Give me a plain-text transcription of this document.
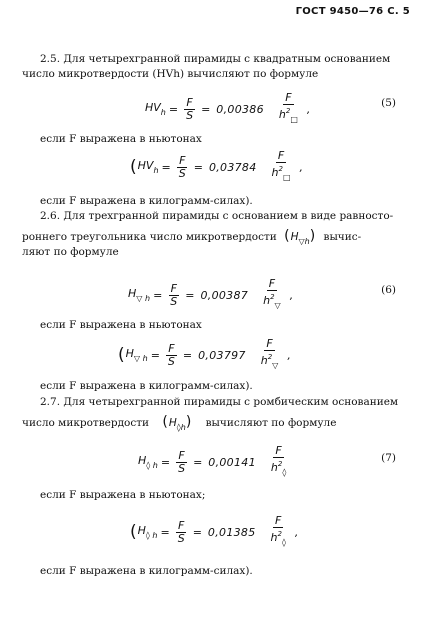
ГОСТ 9450—76 С. 5
2.5. Для четырехгранной пирамиды с квадратным основанием
число микротвердости (HVh) вычисляют по формуле
$HV_h = \frac{F}{S} = 0,00386 \frac{F}{h^2_□}$ ,	(5)
если F выражена в ньютонах
( $HV_h = \frac{F}{S} = 0,03784 \frac{F}{h^2_□}$ ,
если F выражена в килограмм-силах).
2.6. Для трехгранной пирамиды с основанием в виде равносто-
роннего треугольника число микротвердости $(H_{▽h})$ вычис-
ляют по формуле
$H_{▽ h} = \frac{F}{S} = 0,00387 \frac{F}{h^2_▽}$ ,	(6)
если F выражена в ньютонах
( $H_{▽ h} = \frac{F}{S} = 0,03797 \frac{F}{h^2_▽}$ ,
если F выражена в килограмм-силах).
2.7. Для четырехгранной пирамиды с ромбическим основанием
число микротвердости $(H_{◊h})$ вычисляют по формуле
$H_{◊ h} = \frac{F}{S} = 0,00141 \frac{F}{h^2_◊}$	(7)
если F выражена в ньютонах;
( $H_{◊ h} = \frac{F}{S} = 0,01385 \frac{F}{h^2_◊}$ ,
если F выражена в килограмм-силах).
